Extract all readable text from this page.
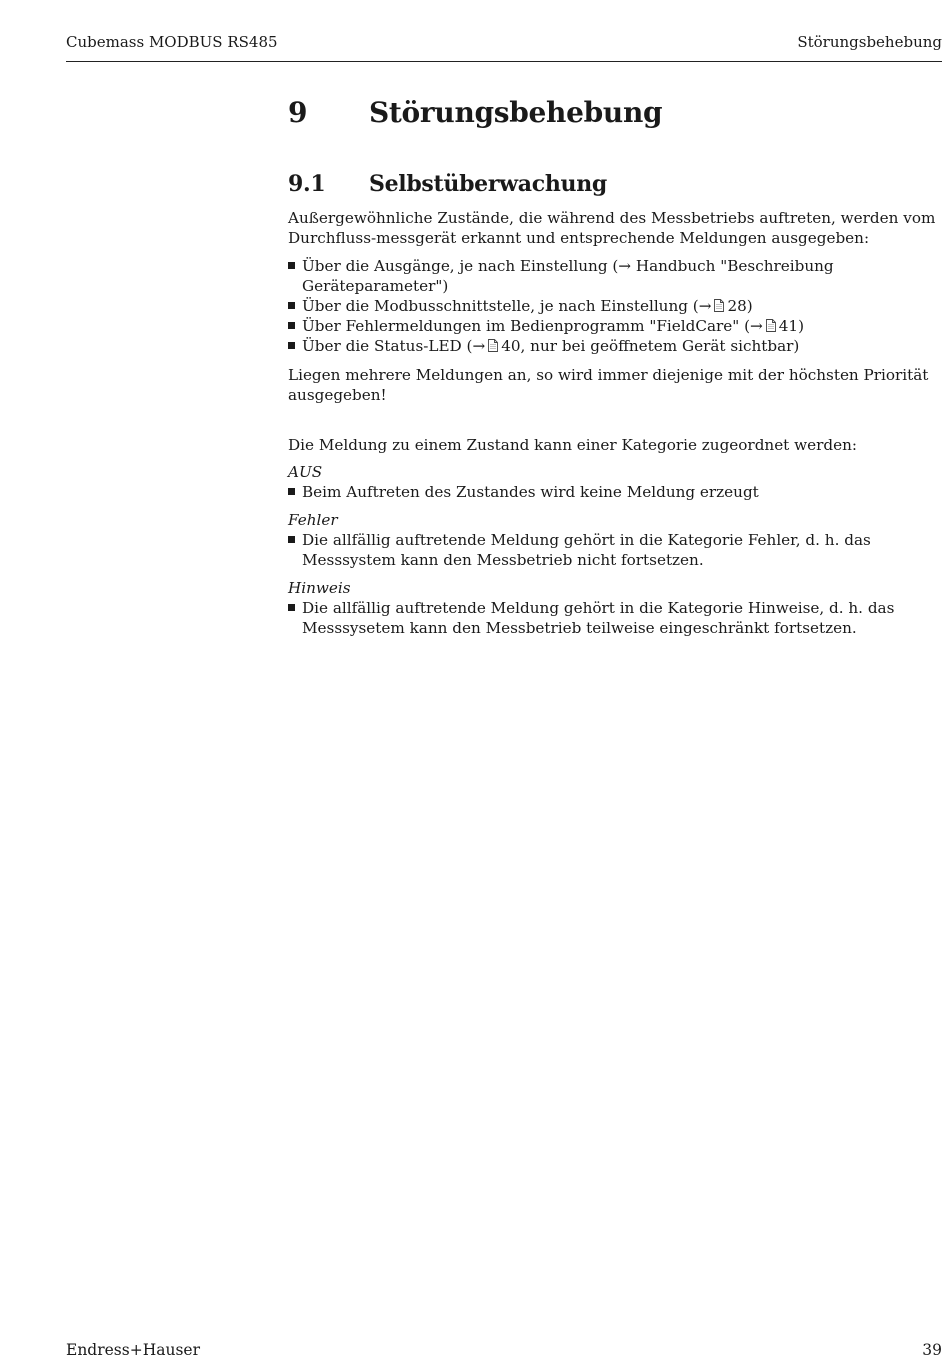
Cubemass MODBUS RS485	Störungsbehebung
9 Störungsbehebung
9.1 Selbstüberwachung

Außergewöhnliche Zustände, die während des Messbetriebs auftreten, werden vom Durchfluss-messgerät erkannt und entsprechende Meldungen ausgegeben:

Über die Ausgänge, je nach Einstellung (→ Handbuch "Beschreibung Geräteparameter")
Über die Modbusschnittstelle, je nach Einstellung (→ 28)
Über Fehlermeldungen im Bedienprogramm "FieldCare" (→ 41)
Über die Status-LED (→ 40, nur bei geöffnetem Gerät sichtbar)

Liegen mehrere Meldungen an, so wird immer diejenige mit der höchsten Priorität ausgegeben!

Die Meldung zu einem Zustand kann einer Kategorie zugeordnet werden:

AUS

Beim Auftreten des Zustandes wird keine Meldung erzeugt

Fehler

Die allfällig auftretende Meldung gehört in die Kategorie Fehler, d. h. das Messsystem kann den Messbetrieb nicht fortsetzen.

Hinweis

Die allfällig auftretende Meldung gehört in die Kategorie Hinweise, d. h. das Messsysetem kann den Messbetrieb teilweise eingeschränkt fortsetzen.
Endress+Hauser	39
